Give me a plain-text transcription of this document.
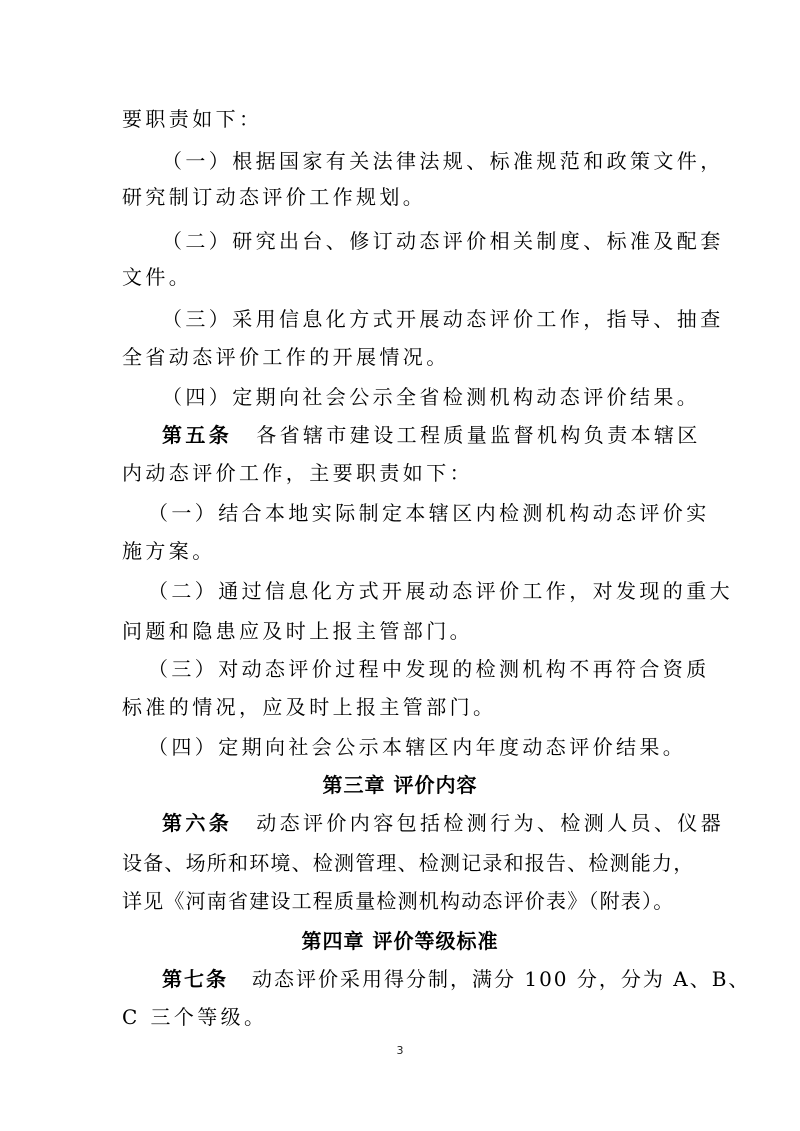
要职责如下：
（一）根据国家有关法律法规、标准规范和政策文件，
研究制订动态评价工作规划。
（二）研究出台、修订动态评价相关制度、标准及配套
文件。
（三）采用信息化方式开展动态评价工作，指导、抽查
全省动态评价工作的开展情况。
（四）定期向社会公示全省检测机构动态评价结果。
第五条 各省辖市建设工程质量监督机构负责本辖区
内动态评价工作，主要职责如下：
（一）结合本地实际制定本辖区内检测机构动态评价实
施方案。
（二）通过信息化方式开展动态评价工作，对发现的重大
问题和隐患应及时上报主管部门。
（三）对动态评价过程中发现的检测机构不再符合资质
标准的情况，应及时上报主管部门。
（四）定期向社会公示本辖区内年度动态评价结果。
第三章 评价内容
第六条 动态评价内容包括检测行为、检测人员、仪器
设备、场所和环境、检测管理、检测记录和报告、检测能力，
详见《河南省建设工程质量检测机构动态评价表》（附表）。
第四章 评价等级标准
第七条 动态评价采用得分制，满分 100 分，分为 A、B、
C 三个等级。
3
